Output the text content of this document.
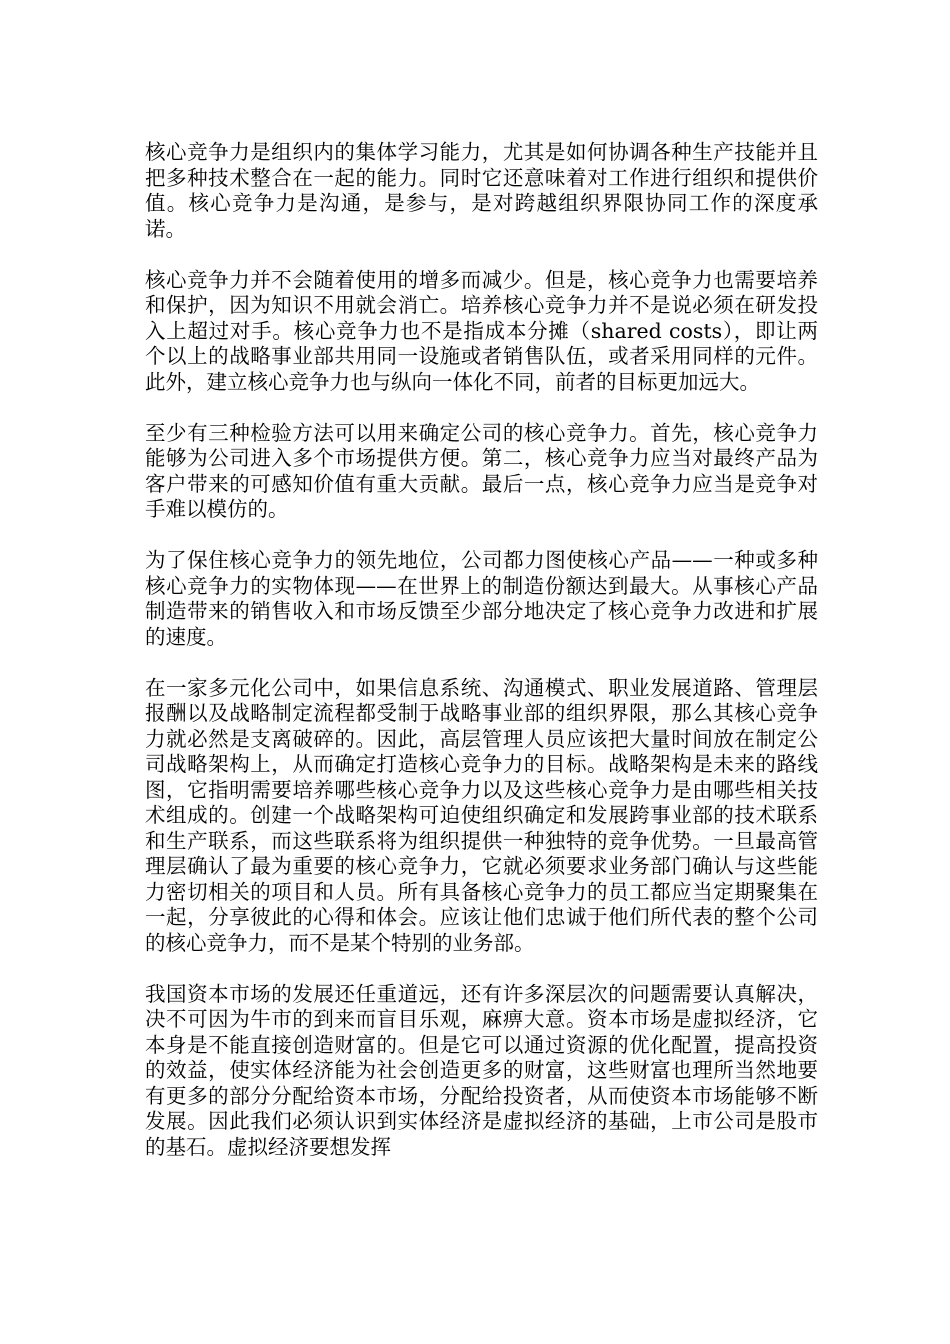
核心竞争力是组织内的集体学习能力，尤其是如何协调各种生产技能并且把多种技术整合在一起的能力。同时它还意味着对工作进行组织和提供价值。核心竞争力是沟通，是参与，是对跨越组织界限协同工作的深度承诺。

核心竞争力并不会随着使用的增多而减少。但是，核心竞争力也需要培养和保护，因为知识不用就会消亡。培养核心竞争力并不是说必须在研发投入上超过对手。核心竞争力也不是指成本分摊（shared costs），即让两个以上的战略事业部共用同一设施或者销售队伍，或者采用同样的元件。此外，建立核心竞争力也与纵向一体化不同，前者的目标更加远大。

至少有三种检验方法可以用来确定公司的核心竞争力。首先，核心竞争力能够为公司进入多个市场提供方便。第二，核心竞争力应当对最终产品为客户带来的可感知价值有重大贡献。最后一点，核心竞争力应当是竞争对手难以模仿的。

为了保住核心竞争力的领先地位，公司都力图使核心产品——一种或多种核心竞争力的实物体现——在世界上的制造份额达到最大。从事核心产品制造带来的销售收入和市场反馈至少部分地决定了核心竞争力改进和扩展的速度。

在一家多元化公司中，如果信息系统、沟通模式、职业发展道路、管理层报酬以及战略制定流程都受制于战略事业部的组织界限，那么其核心竞争力就必然是支离破碎的。因此，高层管理人员应该把大量时间放在制定公司战略架构上，从而确定打造核心竞争力的目标。战略架构是未来的路线图，它指明需要培养哪些核心竞争力以及这些核心竞争力是由哪些相关技术组成的。创建一个战略架构可迫使组织确定和发展跨事业部的技术联系和生产联系，而这些联系将为组织提供一种独特的竞争优势。一旦最高管理层确认了最为重要的核心竞争力，它就必须要求业务部门确认与这些能力密切相关的项目和人员。所有具备核心竞争力的员工都应当定期聚集在一起，分享彼此的心得和体会。应该让他们忠诚于他们所代表的整个公司的核心竞争力，而不是某个特别的业务部。

我国资本市场的发展还任重道远，还有许多深层次的问题需要认真解决，决不可因为牛市的到来而盲目乐观，麻痹大意。资本市场是虚拟经济，它本身是不能直接创造财富的。但是它可以通过资源的优化配置，提高投资的效益，使实体经济能为社会创造更多的财富，这些财富也理所当然地要有更多的部分分配给资本市场，分配给投资者，从而使资本市场能够不断发展。因此我们必须认识到实体经济是虚拟经济的基础，上市公司是股市的基石。虚拟经济要想发挥
